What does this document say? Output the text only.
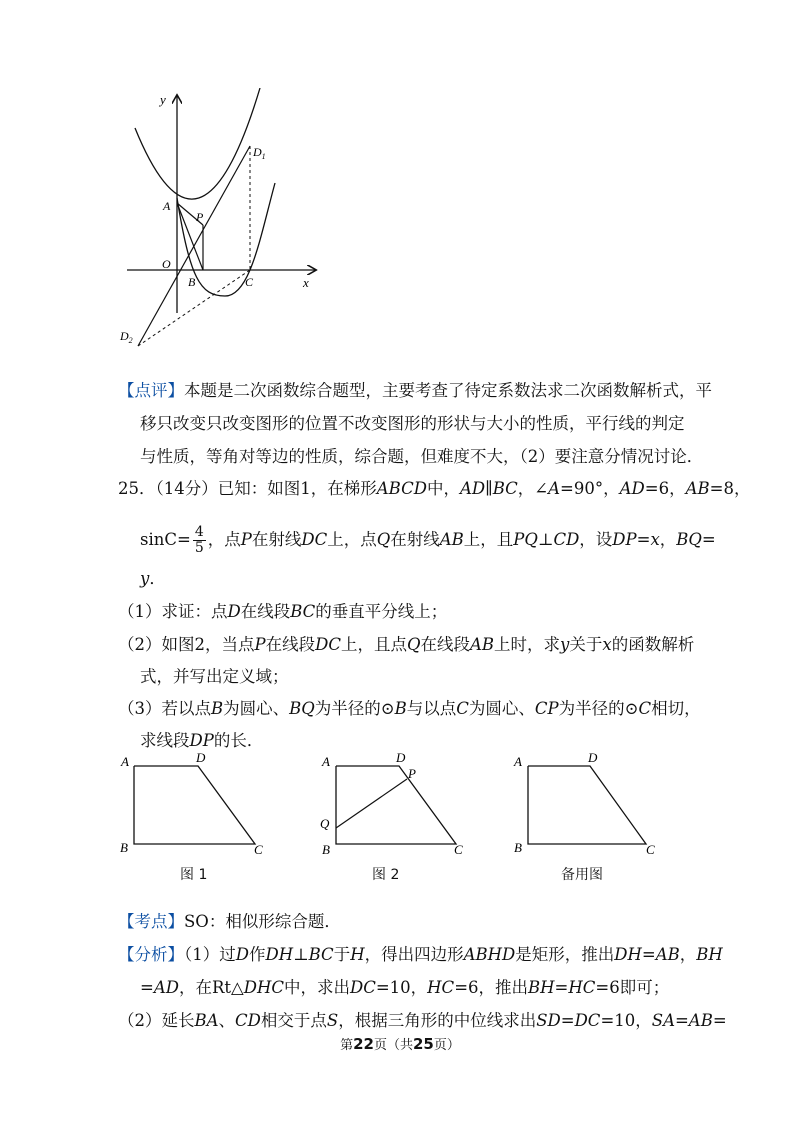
y
x
A
P
O
B	C
$D_1$
$D_2$
【点评】本题是二次函数综合题型，主要考查了待定系数法求二次函数解析式，平
移只改变只改变图形的位置不改变图形的形状与大小的性质，平行线的判定
与性质，等角对等边的性质，综合题，但难度不大，（2）要注意分情况讨论．
25．（14分）已知：如图1，在梯形ABCD中，AD∥BC，∠A=90°，AD=6，AB=8，
$\sin C= \frac{4}{5}$ ，点P在射线DC上，点Q在射线AB上，且PQ⊥CD，设DP=x，BQ=
y．
（1）求证：点D在线段BC的垂直平分线上；
（2）如图2，当点P在线段DC上，且点Q在线段AB上时，求y关于x的函数解析
式，并写出定义域；
（3）若以点B为圆心、BQ为半径的⊙B与以点C为圆心、CP为半径的⊙C相切，
求线段DP的长．
A	D
B	C
图 1
A	D
P
Q
B	C
图 2
A	D
B	C
备用图
【考点】SO：相似形综合题．
【分析】（1）过D作DH⊥BC于H，得出四边形ABHD是矩形，推出DH=AB，BH
=AD，在Rt△DHC中，求出DC=10，HC=6，推出BH=HC=6即可；
（2）延长BA、CD相交于点S，根据三角形的中位线求出SD=DC=10，SA=AB=
第22页（共25页）
